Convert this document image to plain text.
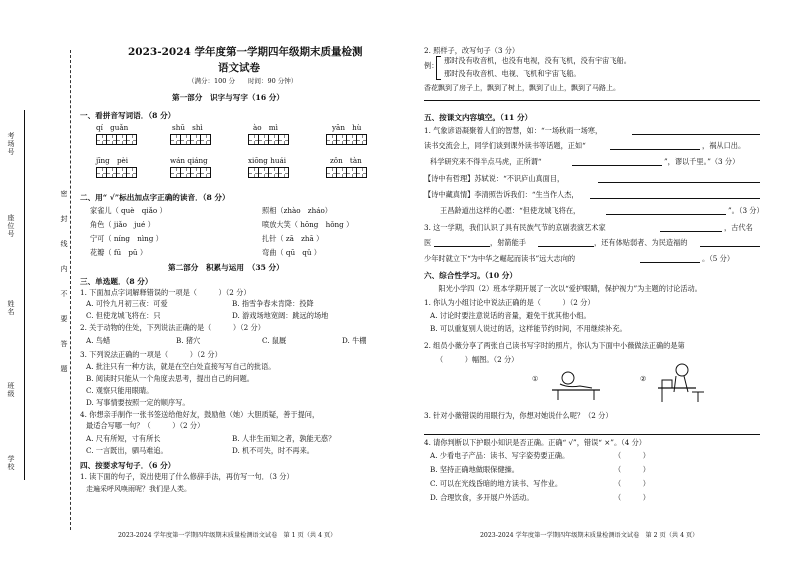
考场号
座位号
姓名
班级
学校
密
封
线
内
不
要
答
题
2023-2024 学年度第一学期四年级期末质量检测
语文试卷
（满分：100 分　　时间：90 分钟）
第一部分　识字与写字（16 分）
一、看拼音写词语．（8 分）
qí　guǎn	shū　shì	ào　mì	yān　hù
jīng　pèi	wán qiáng	xiōng huái	zǒn　tàn
二、用“ √”标出加点字正确的读音．（8 分）
家雀儿（ què　qiǎo ）	照相（zhào　zháo）
角色（ jiǎo　jué ）	喷放大笑（ hōng　hǒng ）
宁可（ níng　nìng ）	扎针（ zā　zhā ）
花瓣（ fū　pū ）	弯曲（ qū　qǔ ）
第二部分　积累与运用　（35 分）
三、单选题．（8 分）
1. 下面加点字词解释错误的一项是（　　　）（2 分）
A. 可怜九月初三夜：可爱	B. 指雪争春未肯降：投降
C. 但使龙城飞将在：只	D. 游戏场地宽阔：跳远的场地
2. 关于动物的住处，下列说法正确的是（　　　）（2 分）
A. 鸟蜡	B. 猪穴	C. 鼠厩	D. 牛棚
3. 下列说法正确的一项是（　　　）（2 分）
A. 批注只有一种方法，就是在空白处直接写写自己的批语。
B. 阅读时只能从一个角度去思考，提出自己的问题。
C. 观察只能用眼睛。
D. 写事情要按照一定的顺序写。
4. 你想亲手制作一张书签送给他好友，鼓励他（她）大胆质疑，善于提问，
最适合写哪一句？（　　　）（2 分）
A. 尺有所短，寸有所长	B. 人非生而知之者，孰能无惑？
C. 一言既出，驷马难追。	D. 机不可失，时不再来。
四、按要求写句子．（6 分）
1. 读下面的句子，说出使用了什么修辞手法，再仿写一句．（3 分）
走遍采呼风唤雨呢？我们是人类。
2023-2024 学年度第一学期四年级期末质量检测语文试卷　第 1 页（共 4 页）
2. 照样子，改写句子（3 分）
例：
那时没有收音机，也没有电视，没有飞机，没有宇宙飞船。
那时没有收音机、电视、飞机和宇宙飞船。
香花飘到了房子上，飘到了树上，飘到了山上，飘到了马路上。
五、按课文内容填空。（11 分）
1. 气象谚语凝聚着人们的智慧，如：“一场秋雨一场寒，
读书交流会上，同学们谈到课外读书等话题，正如“	，祸从口出。
科学研究来不得半点马虎，正所谓“	”，谬以千里。”（3 分）
【诗中有哲理】苏轼说：“不识庐山真面目，
【诗中藏真情】李清照告诉我们：“生当作人杰，
王昌龄道出这样的心愿：“但使龙城飞将在，	”。（3 分）
3. 这一学期，我们认识了具有民族气节的京剧表演艺术家	，古代名
医	，射箭能手	，还有体贴弱者、为民造福的
少年时就立下“为中华之崛起而读书”远大志向的	。（5 分）
六、综合性学习。（10 分）
　　阳光小学四（2）班本学期开展了一次以“爱护眼睛，保护视力”为主题的讨论活动。
1. 你认为小组讨论中说法正确的是（　　　）（2 分）
A. 讨论时要注意说话的音量，避免干扰其他小组。
B. 可以重复别人说过的话，这样能节约时间，不用继续补充。
2. 组员小薇分享了两张自己读书写字时的照片，你认为下面中小薇做法正确的是第
（　　　）幅图。（2 分）
①	②
3. 针对小薇错误的用眼行为，你想对她说什么呢？（2 分）
4. 请你判断以下护眼小知识是否正确。正确“ √”，错误“ ×”。（4 分）
A. 少看电子产品：读书、写字姿势要正确。	（　　　）
B. 坚持正确地做眼保健操。	（　　　）
C. 可以在光线昏暗的地方读书、写作业。	（　　　）
D. 合理饮食，多开展户外活动。	（　　　）
2023-2024 学年度第一学期四年级期末质量检测语文试卷　第 2 页（共 4 页）
